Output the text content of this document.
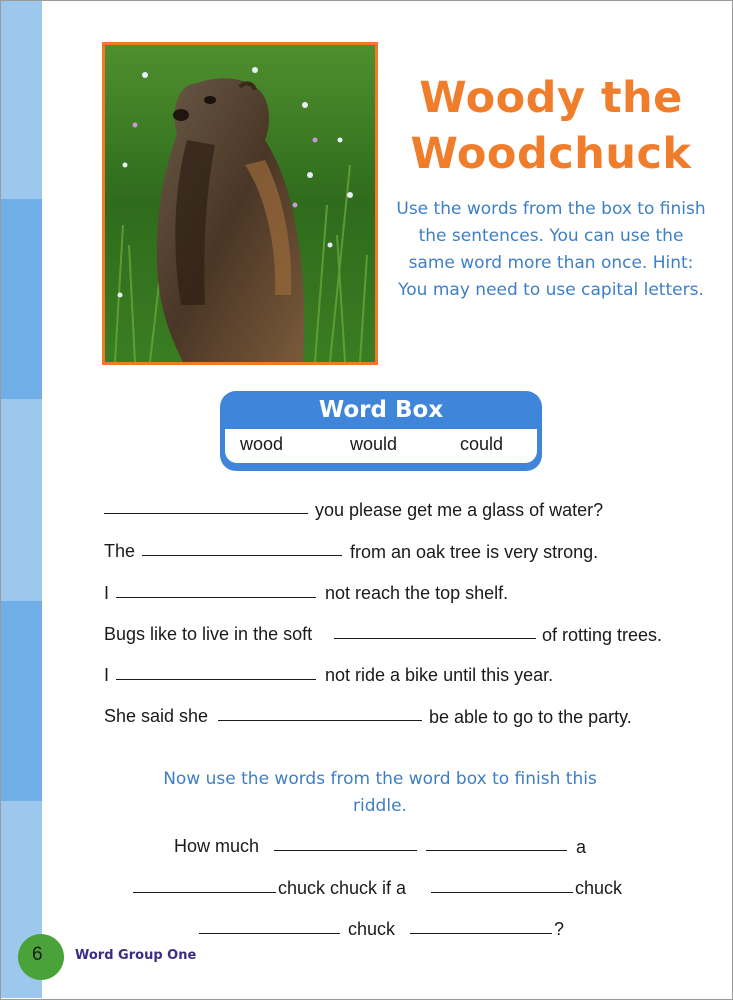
Woody the Woodchuck

Use the words from the box to finish the sentences. You can use the same word more than once. Hint: You may need to use capital letters.

Word Box
wood	would	could
you please get me a glass of water?
The	from an oak tree is very strong.
I	not reach the top shelf.
Bugs like to live in the soft	of rotting trees.
I	not ride a bike until this year.
She said she	be able to go to the party.

Now use the words from the word box to finish this riddle.

How much	a
chuck chuck if a	chuck
chuck	?
6 Word Group One
